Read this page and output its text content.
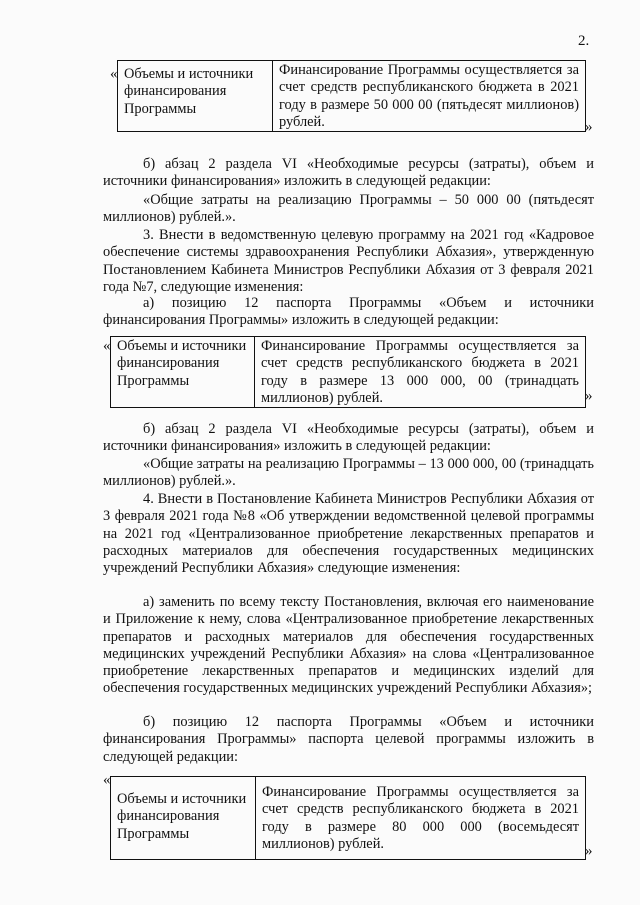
2.
« Объемы и источники финансирования Программы

Финансирование Программы осуществляется за счет средств республиканского бюджета в 2021 году в размере 50 000 00 (пятьдесят миллионов) рублей.	»
б) абзац 2 раздела VI «Необходимые ресурсы (затраты), объем и источники финансирования» изложить в следующей редакции:
«Общие затраты на реализацию Программы – 50 000 00 (пятьдесят миллионов) рублей.».
3. Внести в ведомственную целевую программу на 2021 год «Кадровое обеспечение системы здравоохранения Республики Абхазия», утвержденную Постановлением Кабинета Министров Республики Абхазия от 3 февраля 2021 года №7, следующие изменения:
а) позицию 12 паспорта Программы «Объем и источники финансирования Программы» изложить в следующей редакции:
« Объемы и источники финансирования Программы

Финансирование Программы осуществляется за счет средств республиканского бюджета в 2021 году в размере 13 000 000, 00 (тринадцать миллионов) рублей.	»
б) абзац 2 раздела VI «Необходимые ресурсы (затраты), объем и источники финансирования» изложить в следующей редакции:
«Общие затраты на реализацию Программы – 13 000 000, 00 (тринадцать миллионов) рублей.».
4. Внести в Постановление Кабинета Министров Республики Абхазия от 3 февраля 2021 года №8 «Об утверждении ведомственной целевой программы на 2021 год «Централизованное приобретение лекарственных препаратов и расходных материалов для обеспечения государственных медицинских учреждений Республики Абхазия» следующие изменения:
а) заменить по всему тексту Постановления, включая его наименование и Приложение к нему, слова «Централизованное приобретение лекарственных препаратов и расходных материалов для обеспечения государственных медицинских учреждений Республики Абхазия» на слова «Централизованное приобретение лекарственных препаратов и медицинских изделий для обеспечения государственных медицинских учреждений Республики Абхазия»;
б) позицию 12 паспорта Программы «Объем и источники финансирования Программы» паспорта целевой программы изложить в следующей редакции:
«
Объемы и источники финансирования Программы

Финансирование Программы осуществляется за счет средств республиканского бюджета в 2021 году в размере 80 000 000 (восемьдесят миллионов) рублей.	»
